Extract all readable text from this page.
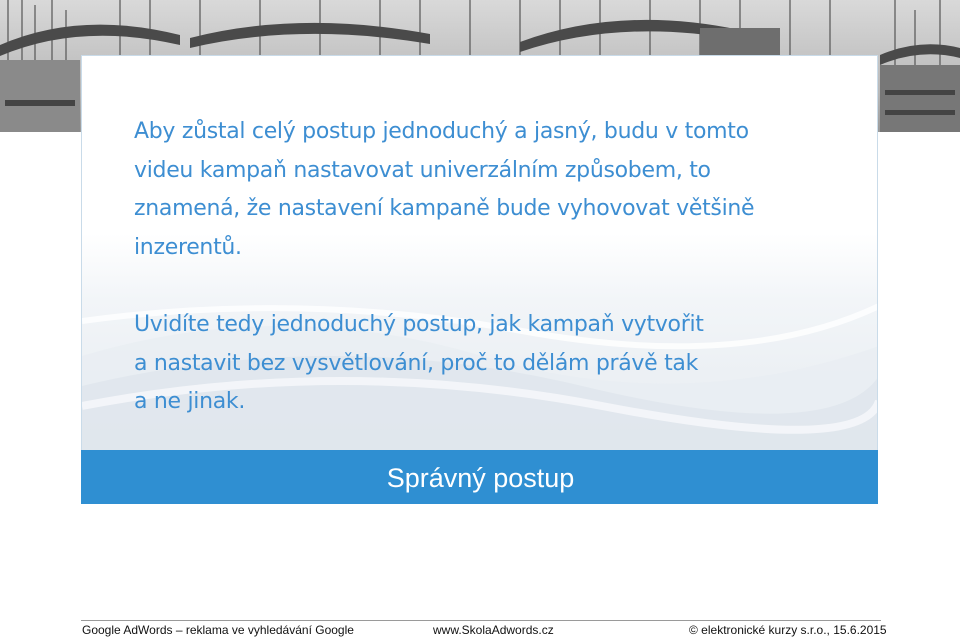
Aby zůstal celý postup jednoduchý a jasný, budu v tomto
videu kampaň nastavovat univerzálním způsobem, to
znamená, že nastavení kampaně bude vyhovovat většině
inzerentů.

Uvidíte tedy jednoduchý postup, jak kampaň vytvořit
a nastavit bez vysvětlování, proč to dělám právě tak
a ne jinak.

Správný postup
Google AdWords – reklama ve vyhledávání Google	www.SkolaAdwords.cz	© elektronické kurzy s.r.o., 15.6.2015
